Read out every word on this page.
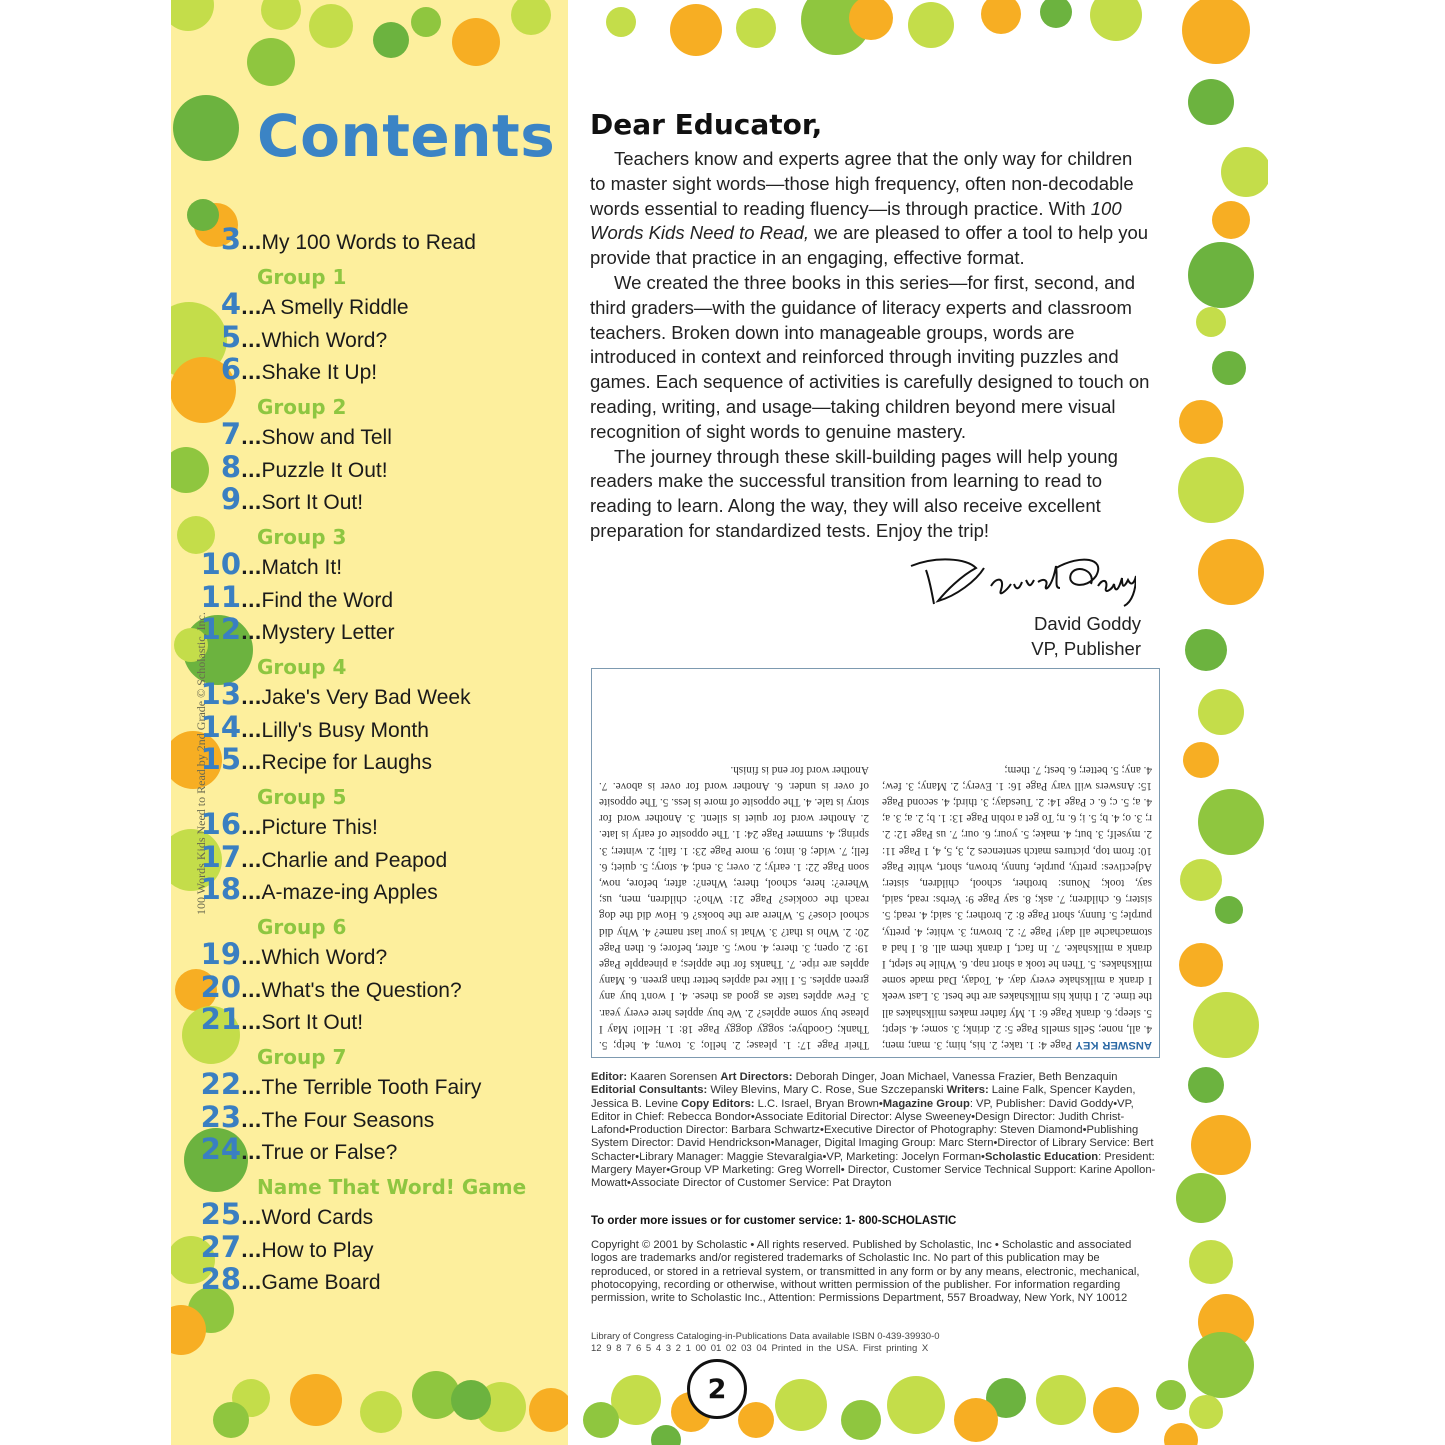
100 Words Kids Need to Read by 2nd Grade © Scholastic, Inc.
Contents
3...My 100 Words to Read

Group 1

4...A Smelly Riddle
5...Which Word?
6...Shake It Up!

Group 2

7...Show and Tell
8...Puzzle It Out!
9...Sort It Out!

Group 3

10...Match It!
11...Find the Word
12...Mystery Letter

Group 4

13...Jake's Very Bad Week
14...Lilly's Busy Month
15...Recipe for Laughs

Group 5

16...Picture This!
17...Charlie and Peapod
18...A-maze-ing Apples

Group 6

19...Which Word?
20...What's the Question?
21...Sort It Out!

Group 7

22...The Terrible Tooth Fairy
23...The Four Seasons
24...True or False?

Name That Word! Game

25...Word Cards
27...How to Play
28...Game Board
Dear Educator,

Teachers know and experts agree that the only way for children to master sight words—those high frequency, often non-decodable words essential to reading fluency—is through practice. With 100 Words Kids Need to Read, we are pleased to offer a tool to help you provide that practice in an engaging, effective format.

We created the three books in this series—for first, second, and third graders—with the guidance of literacy experts and classroom teachers. Broken down into manageable groups, words are introduced in context and reinforced through inviting puzzles and games. Each sequence of activities is carefully designed to touch on reading, writing, and usage—taking children beyond mere visual recognition of sight words to genuine mastery.

The journey through these skill-building pages will help young readers make the successful transition from learning to read to reading to learn. Along the way, they will also receive excellent preparation for standardized tests. Enjoy the trip!

David Goddy

VP, Publisher

ANSWER KEY Page 4: 1. take; 2. his, him; 3. man; men; 4. all, none; Sells smells Page 5: 2. drink; 3. some; 4. slept; 5. sleep; 6. drank Page 6: 1. My father makes milkshakes all the time. 2. I think his milkshakes are the best. 3. Last week I drank a milkshake every day. 4. Today, Dad made some milkshakes. 5. Then he took a short nap. 6. While he slept, I drank a milkshake. 7. In fact, I drank them all. 8. I had a stomachache all day! Page 7: 2. brown; 3. white; 4. pretty, purple; 5. funny, short Page 8: 2. brother; 3. said; 4. read; 5. sister; 6. children; 7. ask; 8. say Page 9: Verbs: read, said, say, took; Nouns: brother, school, children, sister; Adjectives: pretty, purple, funny, brown, short, white Page 10: from top, pictures match sentences 2, 3, 5, 4, 1 Page 11: 2. myself; 3. but; 4. make; 5. your; 6. our; 7. us Page 12: 2. r; 3. o; 4. b; 5. i; 6. n; To get a robin Page 13: 1. b; 2. a; 3. a; 4. a; 5. c; 6. c Page 14: 2. Tuesday; 3. third; 4. second Page 15: Answers will vary Page 16: 1. Every; 2. Many; 3. few; 4. any; 5. better; 6. best; 7. them;
Their Page 17: 1. please; 2. hello; 3. town; 4. help; 5. Thank; Goodbye; soggy doggy Page 18: 1. Hello! May I please buy some apples? 2. We buy apples here every year. 3. Few apples taste as good as these. 4. I won't buy any green apples. 5. I like red apples better than green. 6. Many apples are ripe. 7. Thanks for the apples; a pineapple Page 19: 2. open; 3. there; 4. now; 5. after, before; 6. then Page 20: 2. Who is that? 3. What is your last name? 4. Why did school close? 5. Where are the books? 6. How did the dog reach the cookies? Page 21: Who?: children, men, us; Where?: here, school, there; When?: after, before, now, soon Page 22: 1. early; 2. over; 3. end; 4. story; 5. quiet; 6. fell; 7. wide; 8. into; 9. more Page 23: 1. fall; 2. winter; 3. spring; 4. summer Page 24: 1. The opposite of early is late. 2. Another word for quiet is silent. 3. Another word for story is tale. 4. The opposite of more is less. 5. The opposite of over is under. 6. Another word for over is above. 7. Another word for end is finish.
Editor: Kaaren Sorensen Art Directors: Deborah Dinger, Joan Michael, Vanessa Frazier, Beth Benzaquin Editorial Consultants: Wiley Blevins, Mary C. Rose, Sue Szczepanski Writers: Laine Falk, Spencer Kayden, Jessica B. Levine Copy Editors: L.C. Israel, Bryan Brown•Magazine Group: VP, Publisher: David Goddy•VP, Editor in Chief: Rebecca Bondor•Associate Editorial Director: Alyse Sweeney•Design Director: Judith Christ-Lafond•Production Director: Barbara Schwartz•Executive Director of Photography: Steven Diamond•Publishing System Director: David Hendrickson•Manager, Digital Imaging Group: Marc Stern•Director of Library Service: Bert Schacter•Library Manager: Maggie Stevaralgia•VP, Marketing: Jocelyn Forman•Scholastic Education: President: Margery Mayer•Group VP Marketing: Greg Worrell• Director, Customer Service Technical Support: Karine Apollon-Mowatt•Associate Director of Customer Service: Pat Drayton

To order more issues or for customer service: 1- 800-SCHOLASTIC

Copyright © 2001 by Scholastic • All rights reserved. Published by Scholastic, Inc • Scholastic and associated logos are trademarks and/or registered trademarks of Scholastic Inc. No part of this publication may be reproduced, or stored in a retrieval system, or transmitted in any form or by any means, electronic, mechanical, photocopying, recording or otherwise, without written permission of the publisher. For information regarding permission, write to Scholastic Inc., Attention: Permissions Department, 557 Broadway, New York, NY 10012

Library of Congress Cataloging-in-Publications Data available ISBN 0-439-39930-0

12 9 8 7 6 5 4 3 2 1 00 01 02 03 04 Printed in the USA. First printing X

2
